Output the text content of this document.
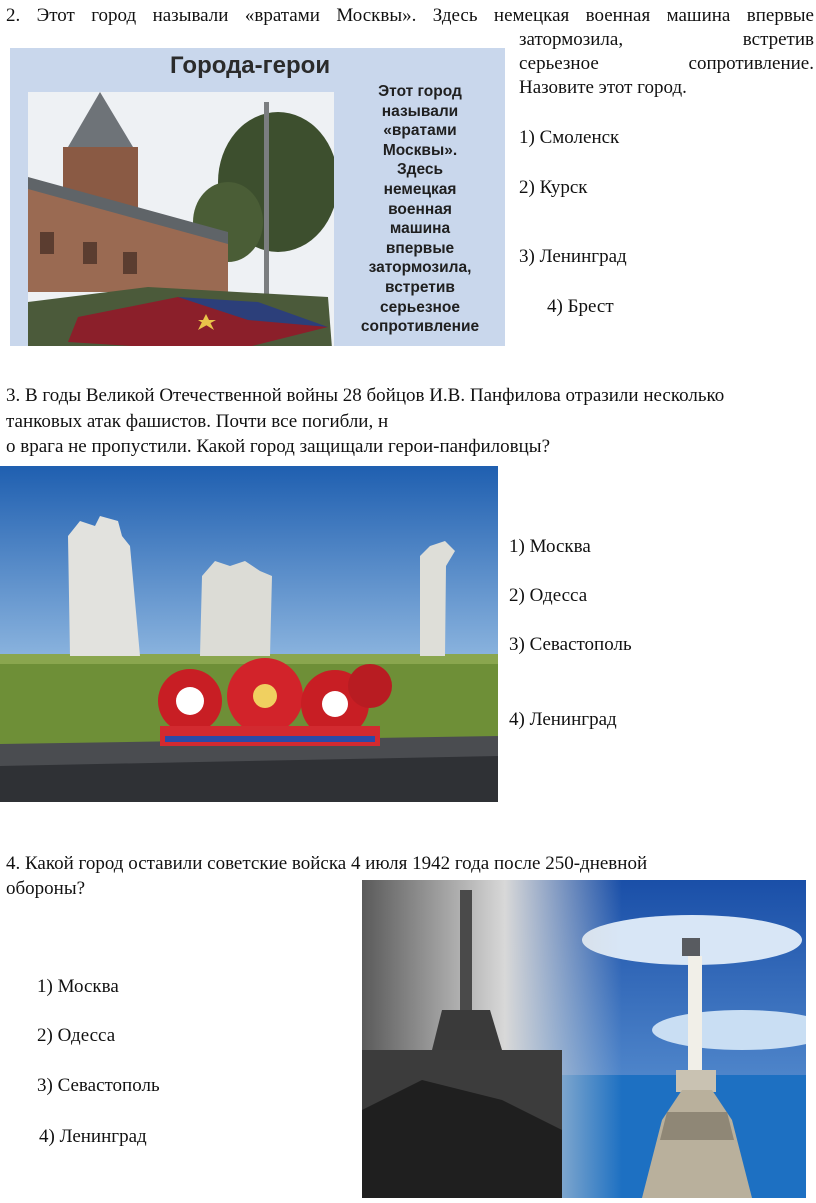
2. Этот город называли «вратами Москвы». Здесь немецкая военная машина впервые
затормозила,	встретив
серьезное	сопротивление.
Назовите этот город.
1) Смоленск
2) Курск
3) Ленинград
4) Брест
Города-герои
Этот город
называли
«вратами
Москвы».
Здесь
немецкая
военная
машина
впервые
затормозила,
встретив
серьезное
сопротивление
3. В годы Великой Отечественной войны 28 бойцов И.В. Панфилова отразили несколько
танковых атак фашистов. Почти все погибли, н
о врага не пропустили. Какой город защищали герои-панфиловцы?
1) Москва
2) Одесса
3) Севастополь
4) Ленинград
4. Какой город оставили советские войска 4 июля 1942 года после 250-дневной
обороны?
1) Москва
2) Одесса
3) Севастополь
4) Ленинград
